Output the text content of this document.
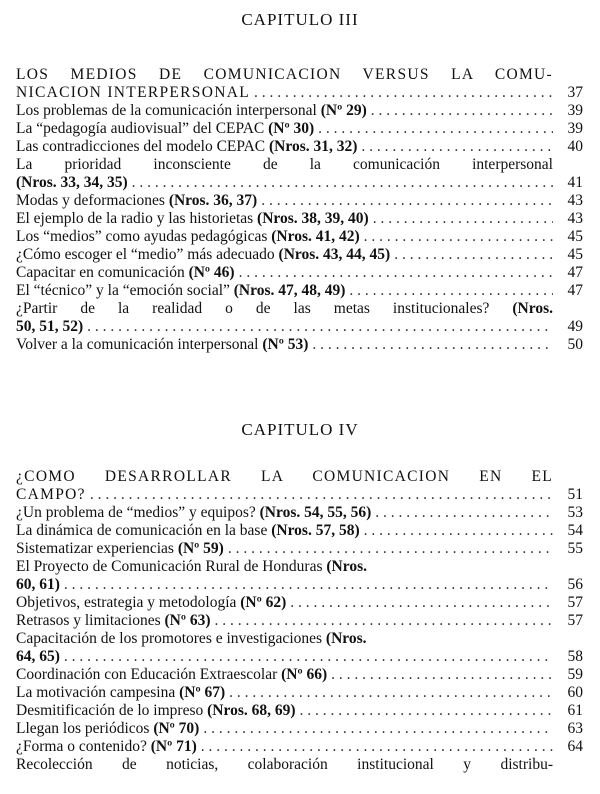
CAPITULO III
LOS MEDIOS DE COMUNICACION VERSUS LA COMU-
NICACION INTERPERSONAL . . .	37
Los problemas de la comunicación interpersonal (Nº 29) . . .	39
La “pedagogía audiovisual” del CEPAC (Nº 30) . . .	39
Las contradicciones del modelo CEPAC (Nros. 31, 32) . . .	40
La prioridad inconsciente de la comunicación interpersonal
(Nros. 33, 34, 35) . . .	41
Modas y deformaciones (Nros. 36, 37) . . .	43
El ejemplo de la radio y las historietas (Nros. 38, 39, 40) . . .	43
Los “medios” como ayudas pedagógicas (Nros. 41, 42) . . .	45
¿Cómo escoger el “medio” más adecuado (Nros. 43, 44, 45) . . .	45
Capacitar en comunicación (Nº 46) . . .	47
El “técnico” y la “emoción social” (Nros. 47, 48, 49) . . .	47
¿Partir de la realidad o de las metas institucionales? (Nros.
50, 51, 52) . . .	49
Volver a la comunicación interpersonal (Nº 53) . . .	50
CAPITULO IV
¿COMO DESARROLLAR LA COMUNICACION EN EL
CAMPO? . . .	51
¿Un problema de “medios” y equipos? (Nros. 54, 55, 56) . . .	53
La dinámica de comunicación en la base (Nros. 57, 58) . . .	54
Sistematizar experiencias (Nº 59) . . .	55
El Proyecto de Comunicación Rural de Honduras (Nros.
60, 61) . . .	56
Objetivos, estrategia y metodología (Nº 62) . . .	57
Retrasos y limitaciones (Nº 63) . . .	57
Capacitación de los promotores e investigaciones (Nros.
64, 65) . . .	58
Coordinación con Educación Extraescolar (Nº 66) . . .	59
La motivación campesina (Nº 67) . . .	60
Desmitificación de lo impreso (Nros. 68, 69) . . .	61
Llegan los periódicos (Nº 70) . . .	63
¿Forma o contenido? (Nº 71) . . .	64
Recolección de noticias, colaboración institucional y distribu-
